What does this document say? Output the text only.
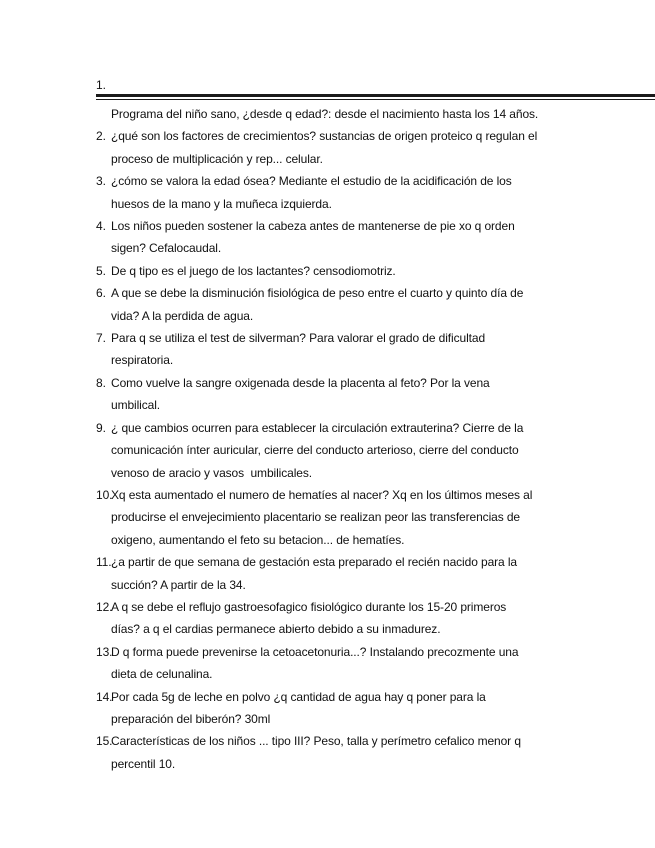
1.
Programa del niño sano, ¿desde q edad?: desde el nacimiento hasta los 14 años.
2. ¿qué son los factores de crecimientos? sustancias de origen proteico q regulan el
proceso de multiplicación y rep... celular.
3. ¿cómo se valora la edad ósea? Mediante el estudio de la acidificación de los
huesos de la mano y la muñeca izquierda.
4. Los niños pueden sostener la cabeza antes de mantenerse de pie xo q orden
sigen? Cefalocaudal.
5. De q tipo es el juego de los lactantes? censodiomotriz.
6. A que se debe la disminución fisiológica de peso entre el cuarto y quinto día de
vida? A la perdida de agua.
7. Para q se utiliza el test de silverman? Para valorar el grado de dificultad
respiratoria.
8. Como vuelve la sangre oxigenada desde la placenta al feto? Por la vena
umbilical.
9. ¿ que cambios ocurren para establecer la circulación extrauterina? Cierre de la
comunicación ínter auricular, cierre del conducto arterioso, cierre del conducto
venoso de aracio y vasos  umbilicales.
10.
Xq esta aumentado el numero de hematíes al nacer? Xq en los últimos meses al
producirse el envejecimiento placentario se realizan peor las transferencias de
oxigeno, aumentando el feto su betacion... de hematíes.
11. ¿a partir de que semana de gestación esta preparado el recién nacido para la
succión? A partir de la 34.
12.
A q se debe el reflujo gastroesofagico fisiológico durante los 15-20 primeros
días? a q el cardias permanece abierto debido a su inmadurez.
13.
D q forma puede prevenirse la cetoacetonuria...? Instalando precozmente una
dieta de celunalina.
14.
Por cada 5g de leche en polvo ¿q cantidad de agua hay q poner para la
preparación del biberón? 30ml
15.
Características de los niños ... tipo III? Peso, talla y perímetro cefalico menor q
percentil 10.
